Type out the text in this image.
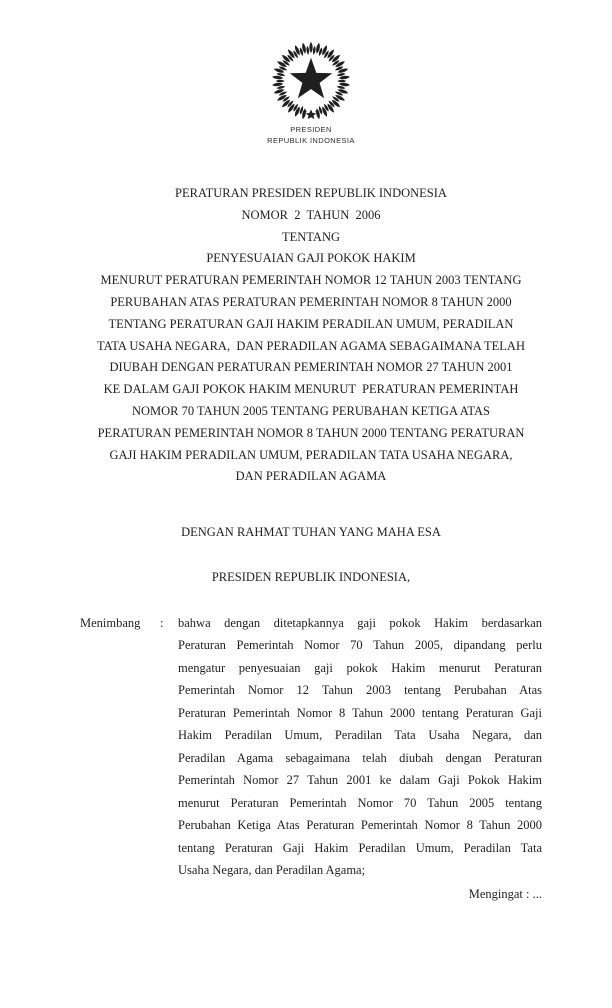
PRESIDEN
REPUBLIK INDONESIA
PERATURAN PRESIDEN REPUBLIK INDONESIA
NOMOR  2  TAHUN  2006
TENTANG
PENYESUAIAN GAJI POKOK HAKIM
MENURUT PERATURAN PEMERINTAH NOMOR 12 TAHUN 2003 TENTANG
PERUBAHAN ATAS PERATURAN PEMERINTAH NOMOR 8 TAHUN 2000
TENTANG PERATURAN GAJI HAKIM PERADILAN UMUM, PERADILAN
TATA USAHA NEGARA,  DAN PERADILAN AGAMA SEBAGAIMANA TELAH
DIUBAH DENGAN PERATURAN PEMERINTAH NOMOR 27 TAHUN 2001
KE DALAM GAJI POKOK HAKIM MENURUT  PERATURAN PEMERINTAH
NOMOR 70 TAHUN 2005 TENTANG PERUBAHAN KETIGA ATAS
PERATURAN PEMERINTAH NOMOR 8 TAHUN 2000 TENTANG PERATURAN
GAJI HAKIM PERADILAN UMUM, PERADILAN TATA USAHA NEGARA,
DAN PERADILAN AGAMA
DENGAN RAHMAT TUHAN YANG MAHA ESA
PRESIDEN REPUBLIK INDONESIA,
Menimbang : bahwa dengan ditetapkannya gaji pokok Hakim berdasarkan
Peraturan Pemerintah Nomor 70 Tahun 2005, dipandang perlu
mengatur penyesuaian gaji pokok Hakim menurut Peraturan
Pemerintah Nomor 12 Tahun 2003 tentang Perubahan Atas
Peraturan Pemerintah Nomor 8 Tahun 2000 tentang Peraturan Gaji
Hakim Peradilan Umum, Peradilan Tata Usaha Negara, dan
Peradilan Agama sebagaimana telah diubah dengan Peraturan
Pemerintah Nomor 27 Tahun 2001 ke dalam Gaji Pokok Hakim
menurut Peraturan Pemerintah Nomor 70 Tahun 2005 tentang
Perubahan Ketiga Atas Peraturan Pemerintah Nomor 8 Tahun 2000
tentang Peraturan Gaji Hakim Peradilan Umum, Peradilan Tata
Usaha Negara, dan Peradilan Agama;
Mengingat : ...
